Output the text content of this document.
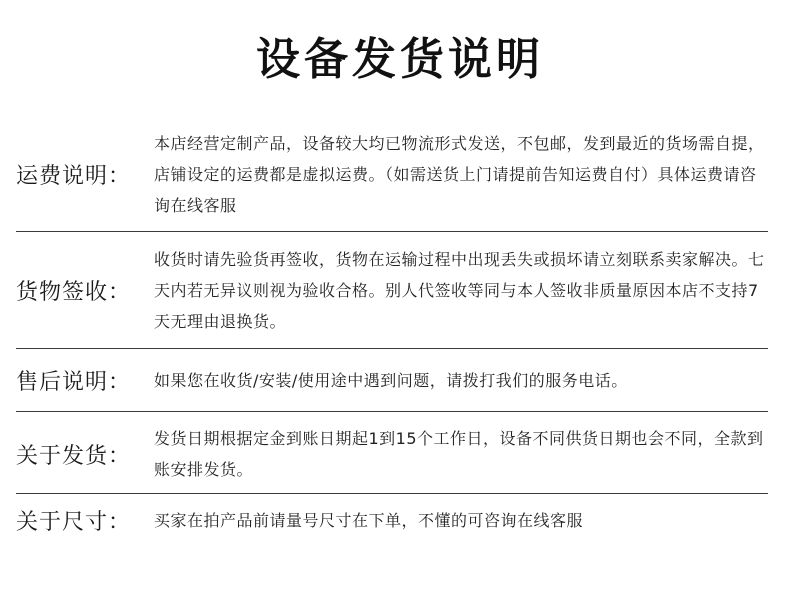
设备发货说明
运费说明：
本店经营定制产品，设备较大均已物流形式发送，不包邮，发到最近的货场需自提，店铺设定的运费都是虚拟运费。（如需送货上门请提前告知运费自付）具体运费请咨询在线客服
货物签收：
收货时请先验货再签收，货物在运输过程中出现丢失或损坏请立刻联系卖家解决。七天内若无异议则视为验收合格。别人代签收等同与本人签收非质量原因本店不支持7天无理由退换货。
售后说明：	如果您在收货/安装/使用途中遇到问题，请拨打我们的服务电话。
关于发货：
发货日期根据定金到账日期起1到15个工作日，设备不同供货日期也会不同，全款到账安排发货。
关于尺寸：	买家在拍产品前请量号尺寸在下单，不懂的可咨询在线客服
